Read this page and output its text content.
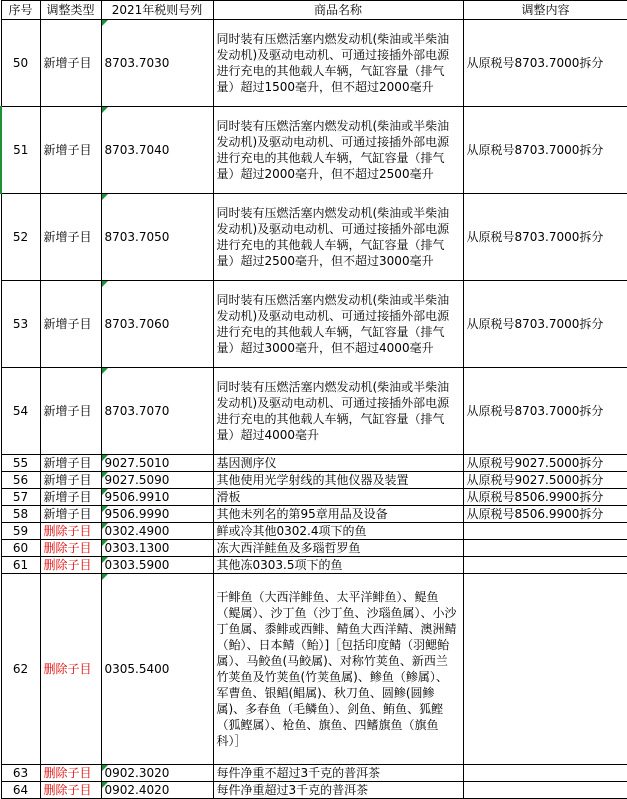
序号	调整类型	2021年税则号列	商品名称	调整内容
50	新增子目	8703.7030	同时装有压燃活塞内燃发动机(柴油或半柴油发动机)及驱动电动机、可通过接插外部电源进行充电的其他载人车辆，气缸容量（排气量）超过1500毫升，但不超过2000毫升	从原税号8703.7000拆分
51	新增子目	8703.7040	同时装有压燃活塞内燃发动机(柴油或半柴油发动机)及驱动电动机、可通过接插外部电源进行充电的其他载人车辆，气缸容量（排气量）超过2000毫升，但不超过2500毫升	从原税号8703.7000拆分
52	新增子目	8703.7050	同时装有压燃活塞内燃发动机(柴油或半柴油发动机)及驱动电动机、可通过接插外部电源进行充电的其他载人车辆，气缸容量（排气量）超过2500毫升，但不超过3000毫升	从原税号8703.7000拆分
53	新增子目	8703.7060	同时装有压燃活塞内燃发动机(柴油或半柴油发动机)及驱动电动机、可通过接插外部电源进行充电的其他载人车辆，气缸容量（排气量）超过3000毫升，但不超过4000毫升	从原税号8703.7000拆分
54	新增子目	8703.7070	同时装有压燃活塞内燃发动机(柴油或半柴油发动机)及驱动电动机、可通过接插外部电源进行充电的其他载人车辆，气缸容量（排气量）超过4000毫升	从原税号8703.7000拆分
55	新增子目	9027.5010	基因测序仪	从原税号9027.5000拆分
56	新增子目	9027.5090	其他使用光学射线的其他仪器及装置	从原税号9027.5000拆分
57	新增子目	9506.9910	滑板	从原税号8506.9900拆分
58	新增子目	9506.9990	其他未列名的第95章用品及设备	从原税号8506.9900拆分
59	删除子目	0302.4900	鲜或冷其他0302.4项下的鱼	
60	删除子目	0303.1300	冻大西洋鲑鱼及多瑙哲罗鱼	
61	删除子目	0303.5900	其他冻0303.5项下的鱼	
62	删除子目	0305.5400	干鲱鱼（大西洋鲱鱼、太平洋鲱鱼）、鳀鱼（鳀属）、沙丁鱼（沙丁鱼、沙瑙鱼属）、小沙丁鱼属、黍鲱或西鲱、鲭鱼大西洋鲭、澳洲鲭（鲐）、日本鲭（鲐）]［包括印度鲭（羽鳃鲐属）、马鲛鱼(马鲛属)、对称竹荚鱼、新西兰竹荚鱼及竹荚鱼(竹荚鱼属)、鲹鱼（鲹属）、军曹鱼、银鲳(鲳属)、秋刀鱼、圆鲹(圆鲹属)、多春鱼（毛鳞鱼）、剑鱼、鲔鱼、狐鲣（狐鲣属）、枪鱼、旗鱼、四鳍旗鱼（旗鱼科）］	
63	删除子目	0902.3020	每件净重不超过3千克的普洱茶	
64	删除子目	0902.4020	每件净重超过3千克的普洱茶	
